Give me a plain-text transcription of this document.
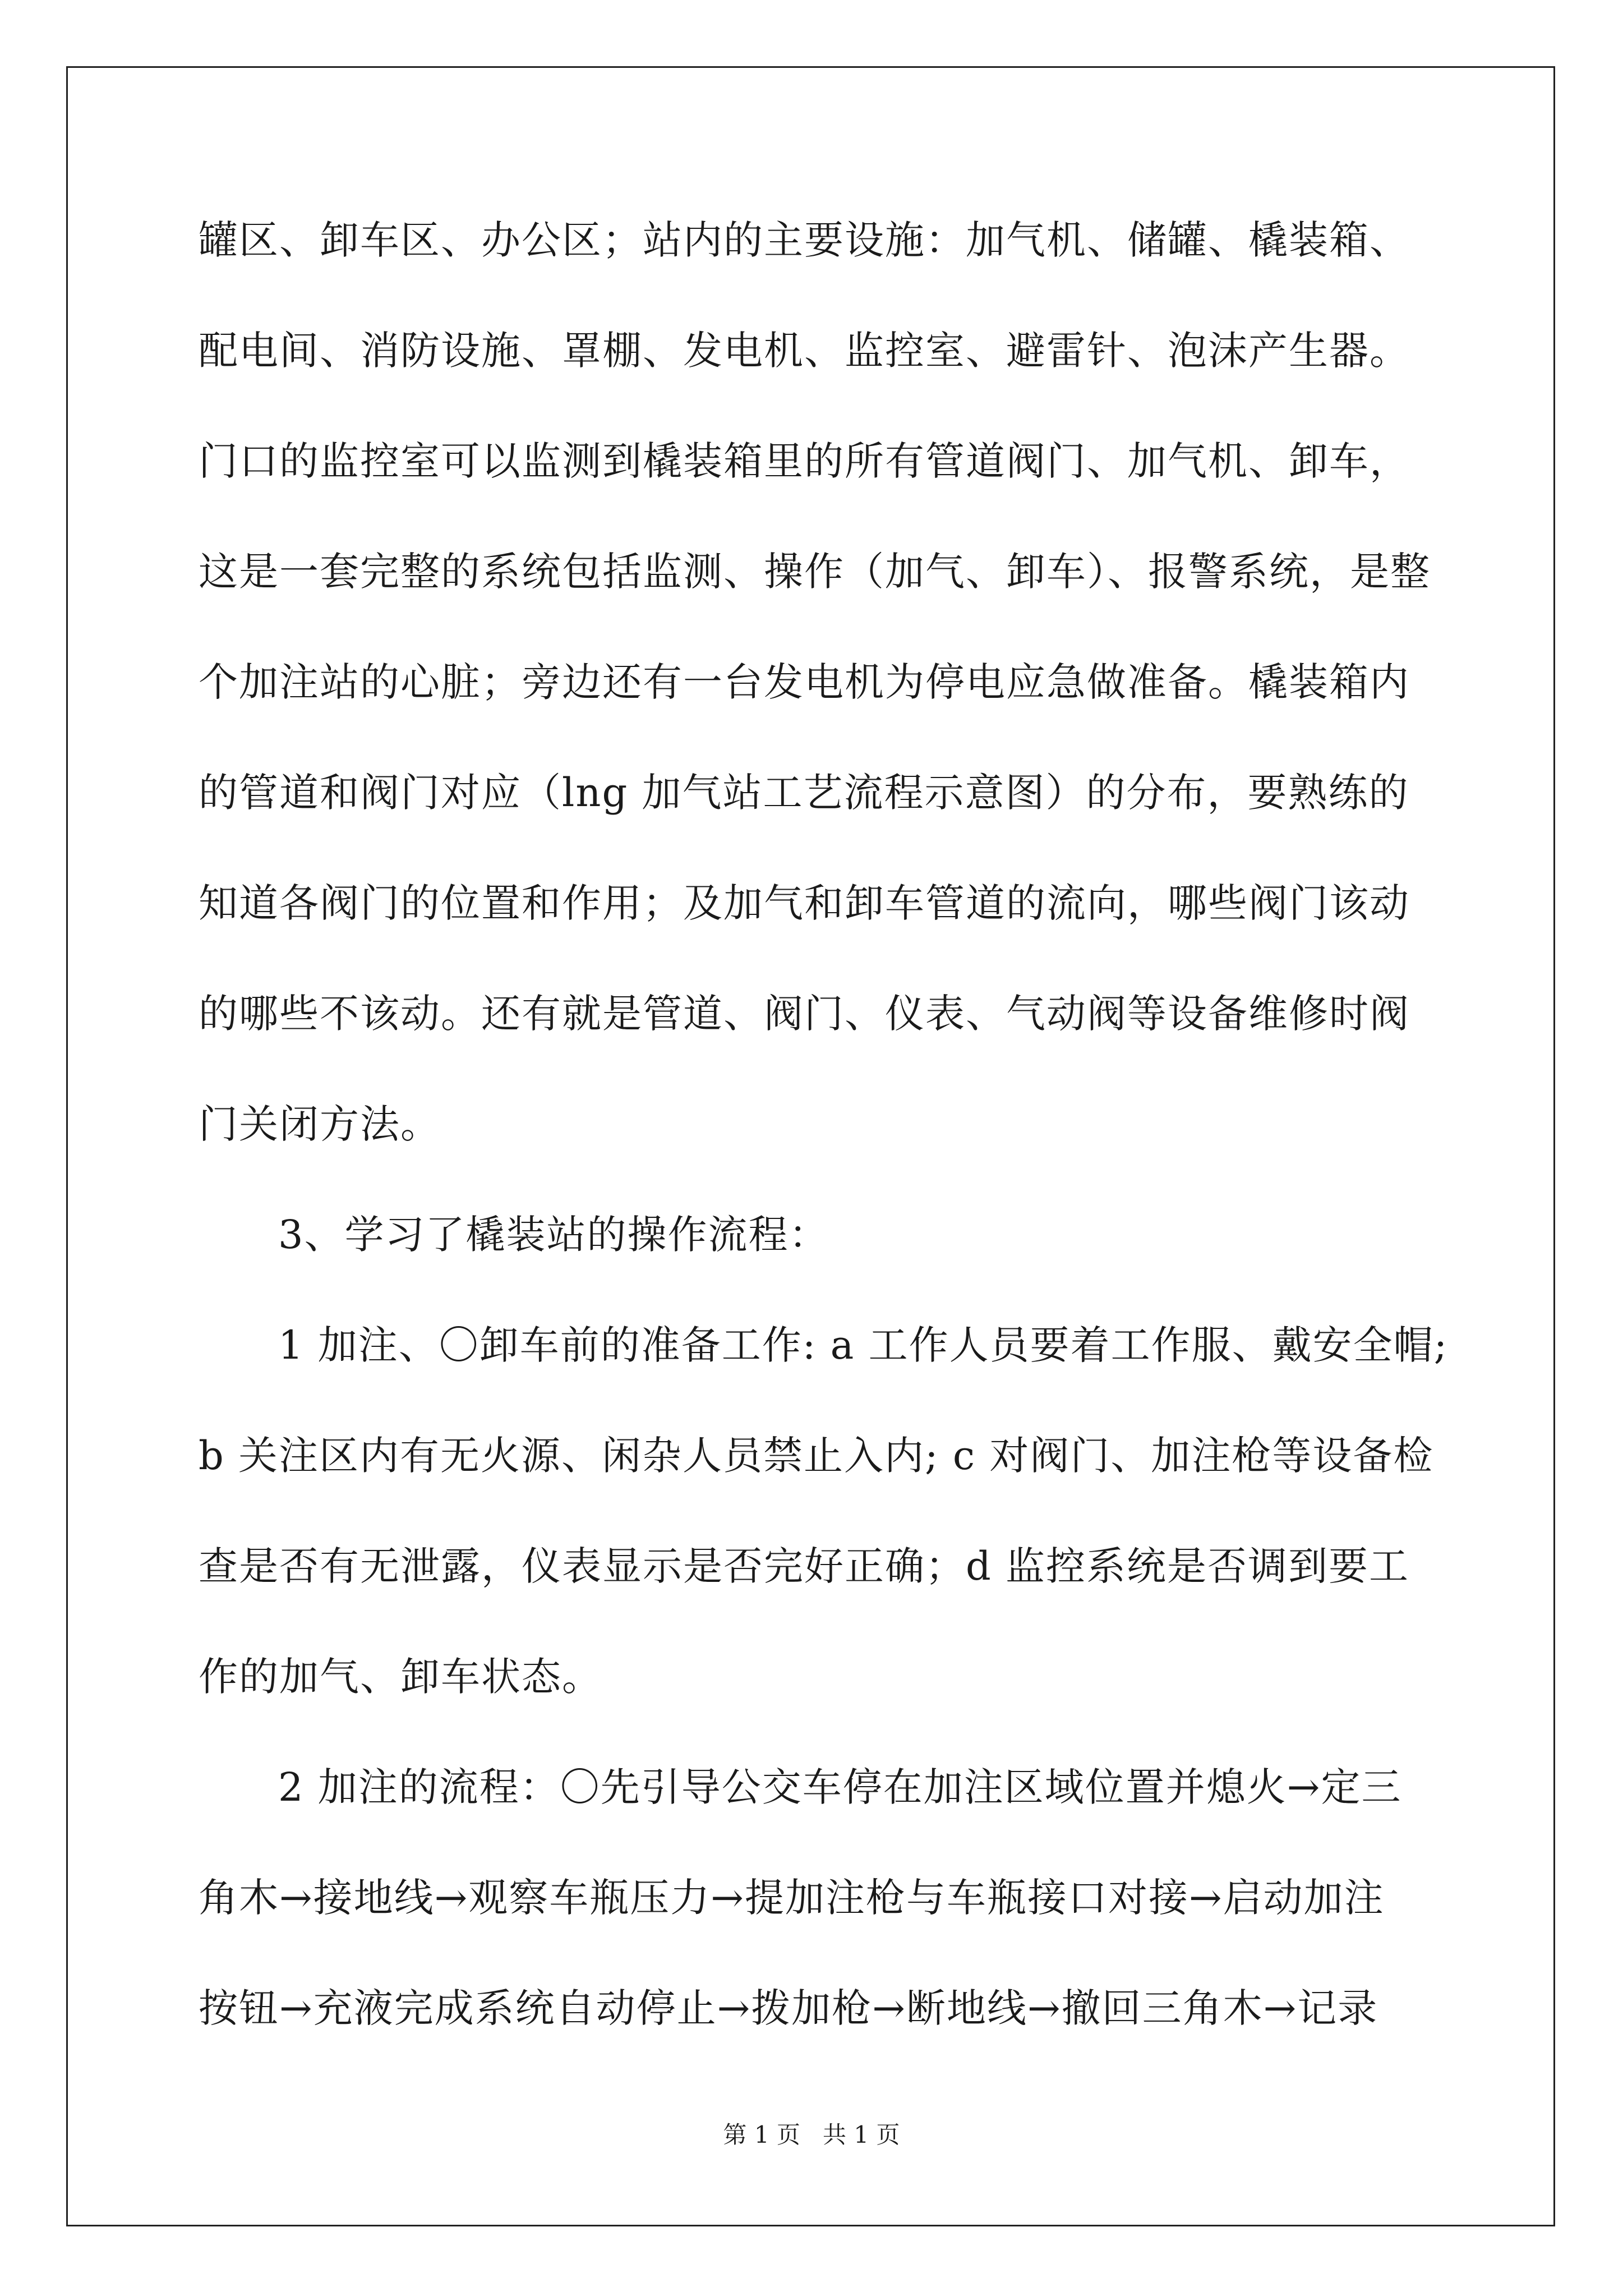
罐区、卸车区、办公区；站内的主要设施：加气机、储罐、橇装箱、
配电间、消防设施、罩棚、发电机、监控室、避雷针、泡沫产生器。
门口的监控室可以监测到橇装箱里的所有管道阀门、加气机、卸车，
这是一套完整的系统包括监测、操作（加气、卸车）、报警系统，是整
个加注站的心脏；旁边还有一台发电机为停电应急做准备。橇装箱内
的管道和阀门对应（lng 加气站工艺流程示意图）的分布，要熟练的
知道各阀门的位置和作用；及加气和卸车管道的流向，哪些阀门该动
的哪些不该动。还有就是管道、阀门、仪表、气动阀等设备维修时阀
门关闭方法。
3、学习了橇装站的操作流程：
1 加注、〇卸车前的准备工作: a 工作人员要着工作服、戴安全帽;
b 关注区内有无火源、闲杂人员禁止入内; c 对阀门、加注枪等设备检
查是否有无泄露，仪表显示是否完好正确；d 监控系统是否调到要工
作的加气、卸车状态。
2 加注的流程：〇先引导公交车停在加注区域位置并熄火→定三
角木→接地线→观察车瓶压力→提加注枪与车瓶接口对接→启动加注
按钮→充液完成系统自动停止→拨加枪→断地线→撤回三角木→记录
第 1 页   共 1 页
